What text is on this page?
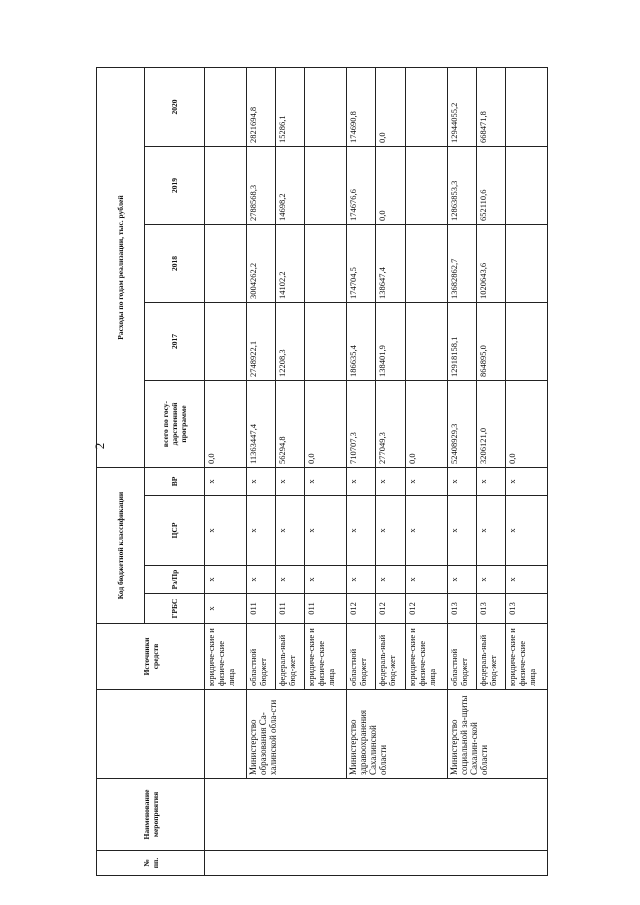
2
№ пп.	Наименование мероприятия		Источники средств	Код бюджетной классификации				Расходы по годам реализации, тыс. рублей				
				ГРБС	Рз/Пр	ЦСР	ВР	всего по госу-дарственной программе	2017	2018	2019	2020
			юридиче-ские и физиче-ские лица	х	х	х	х	0,0				
		Министерство образования Са-халинской обла-сти	областной бюджет	011	х	х	х	11363447,4	2748922,1	3004262,2	2788568,3	2821694,8
			федераль-ный бюд-жет	011	х	х	х	56294,8	12208,3	14102,2	14698,2	15286,1
			юридиче-ские и физиче-ские лица	011	х	х	х	0,0				
		Министерство здравоохранения Сахалинской области	областной бюджет	012	х	х	х	710707,3	186635,4	174704,5	174676,6	174690,8
			федераль-ный бюд-жет	012	х	х	х	277049,3	138401,9	138647,4	0,0	0,0
			юридиче-ские и физиче-ские лица	012	х	х	х	0,0				
		Министерство социальной за-щиты Сахалин-ской области	областной бюджет	013	х	х	х	52408929,3	12918158,1	13682862,7	12863853,3	12944055,2
			федераль-ный бюд-жет	013	х	х	х	3206121,0	864895,0	1020643,6	652110,6	668471,8
			юридиче-ские и физиче-ские лица	013	х	х	х	0,0				
